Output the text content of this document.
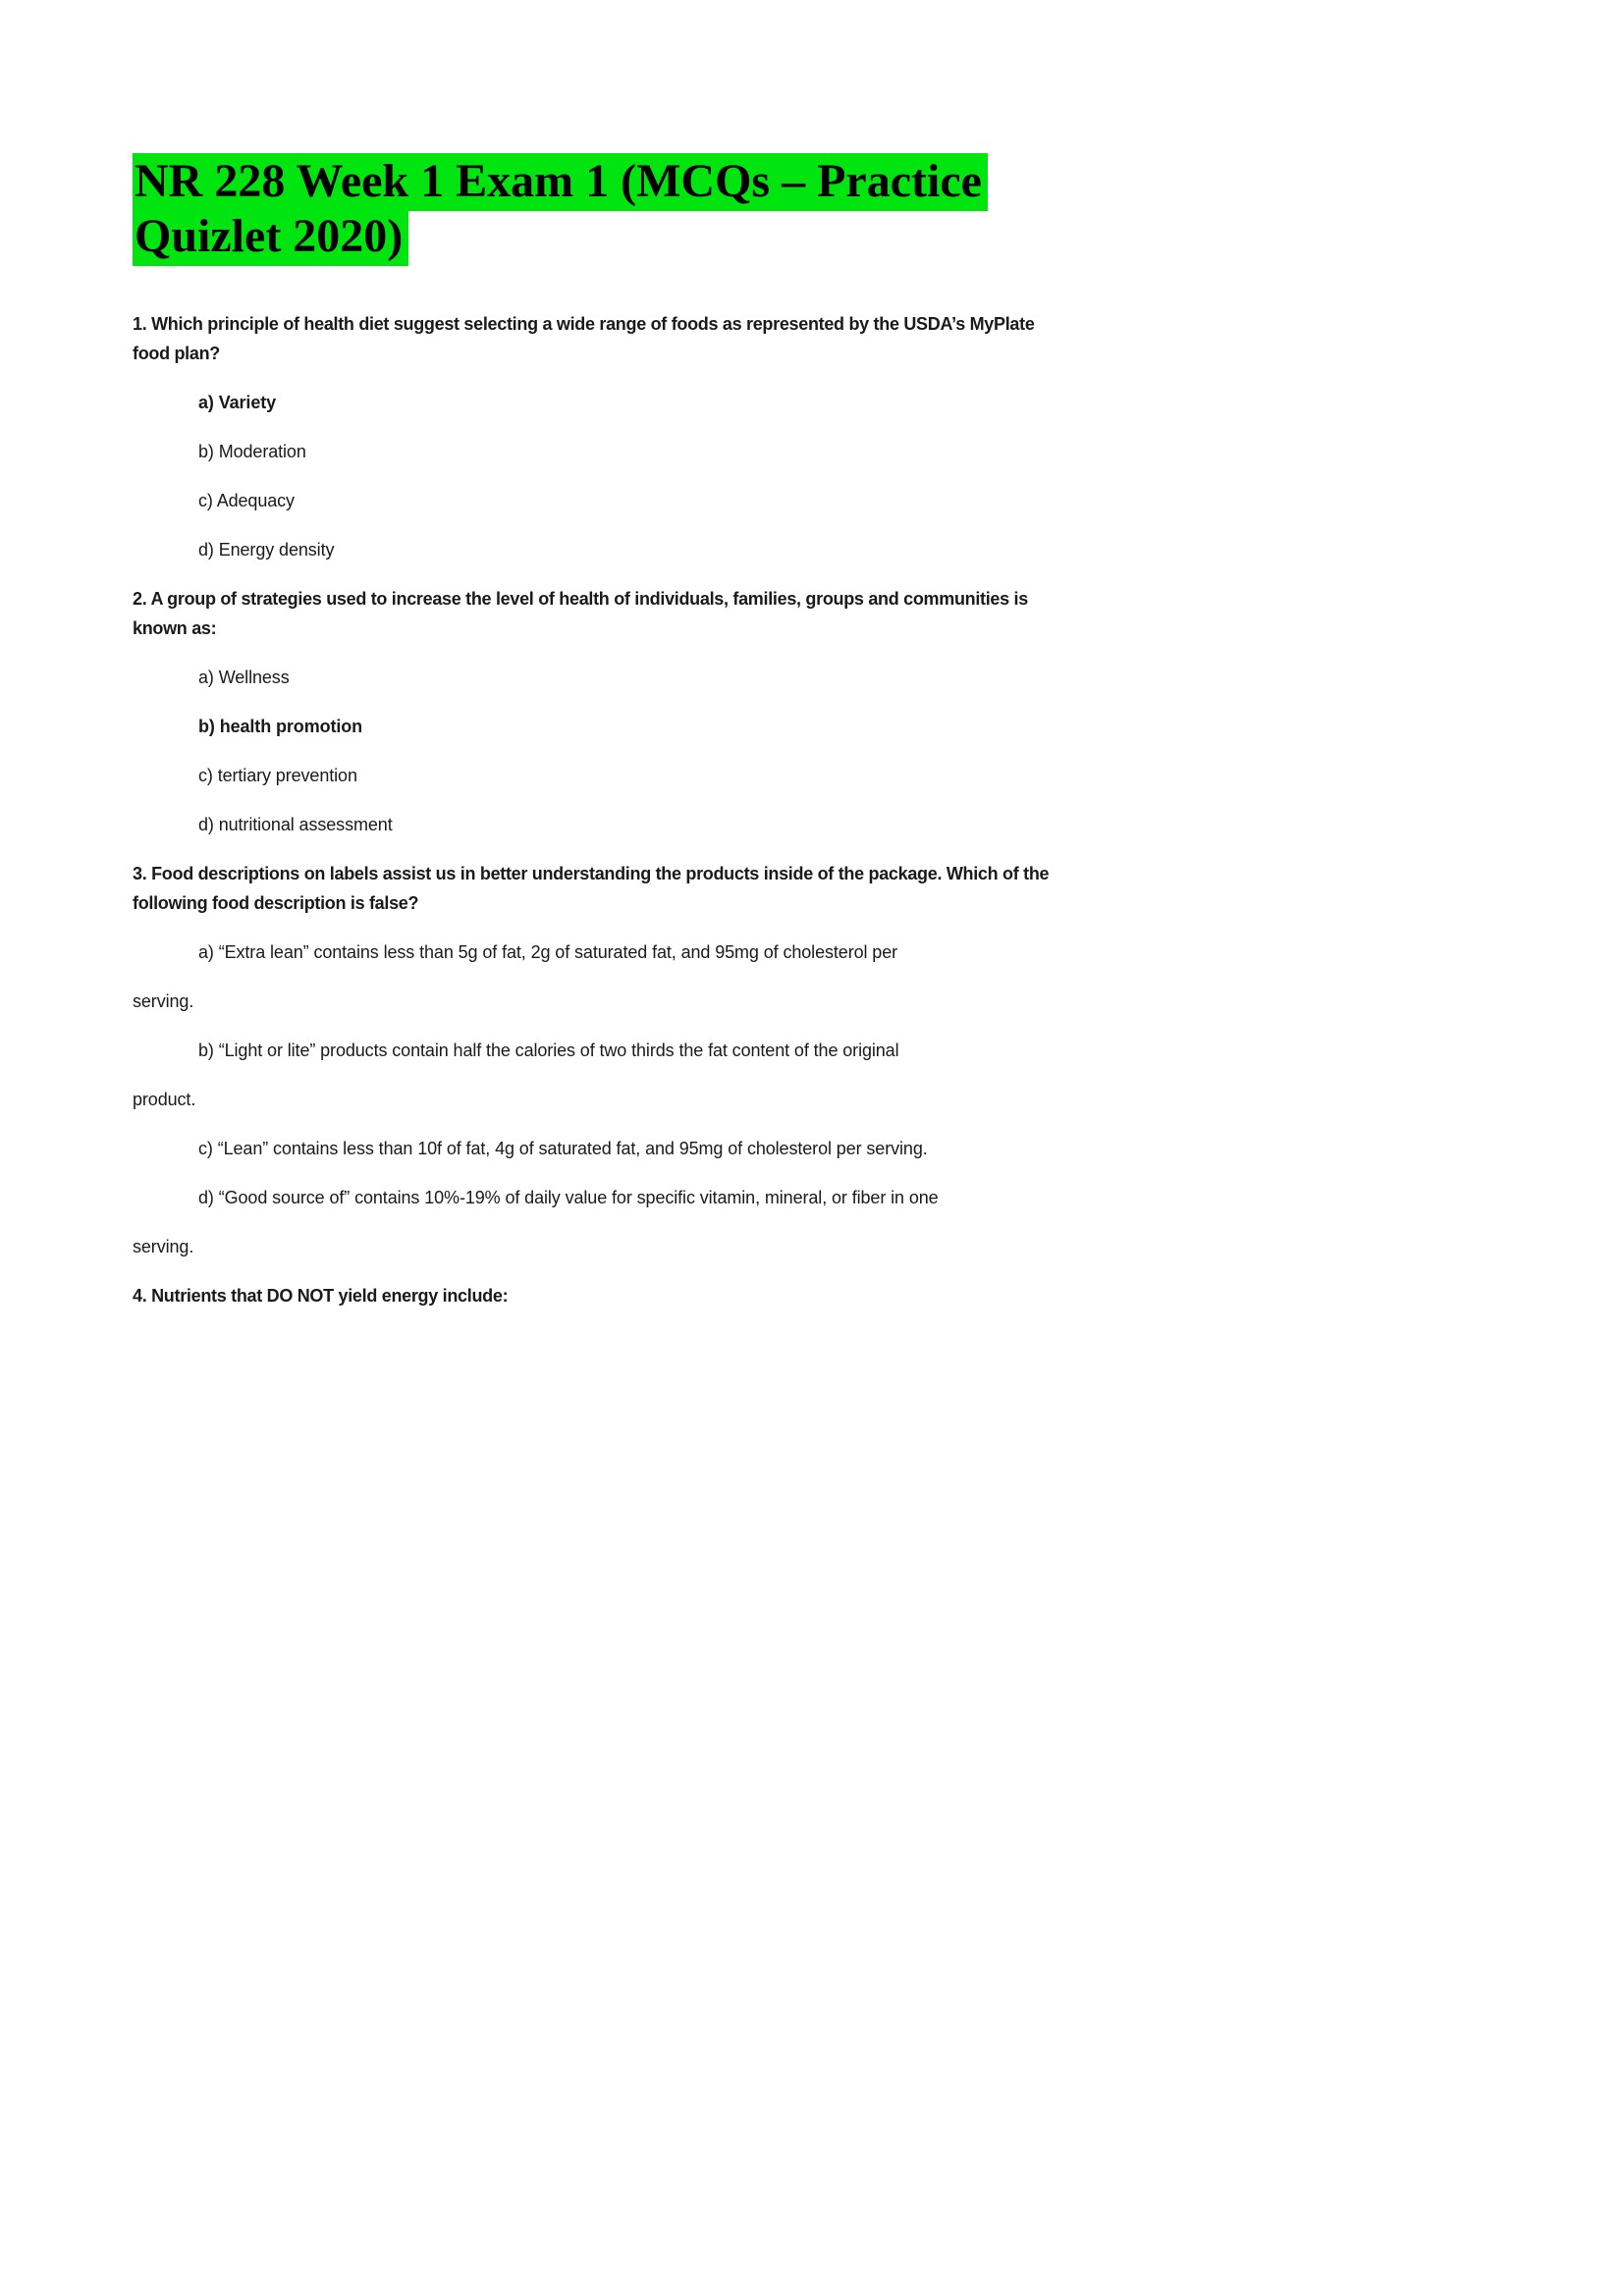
NR 228 Week 1 Exam 1 (MCQs – Practice Quizlet 2020)

1. Which principle of health diet suggest selecting a wide range of foods as represented by the USDA’s MyPlate food plan?

a) Variety

b) Moderation

c) Adequacy

d) Energy density

2. A group of strategies used to increase the level of health of individuals, families, groups and communities is known as:

a) Wellness

b) health promotion

c) tertiary prevention

d) nutritional assessment

3. Food descriptions on labels assist us in better understanding the products inside of the package. Which of the following food description is false?

a) “Extra lean” contains less than 5g of fat, 2g of saturated fat, and 95mg of cholesterol per

serving.

b) “Light or lite” products contain half the calories of two thirds the fat content of the original

product.

c) “Lean” contains less than 10f of fat, 4g of saturated fat, and 95mg of cholesterol per serving.

d) “Good source of” contains 10%-19% of daily value for specific vitamin, mineral, or fiber in one

serving.

4. Nutrients that DO NOT yield energy include:
